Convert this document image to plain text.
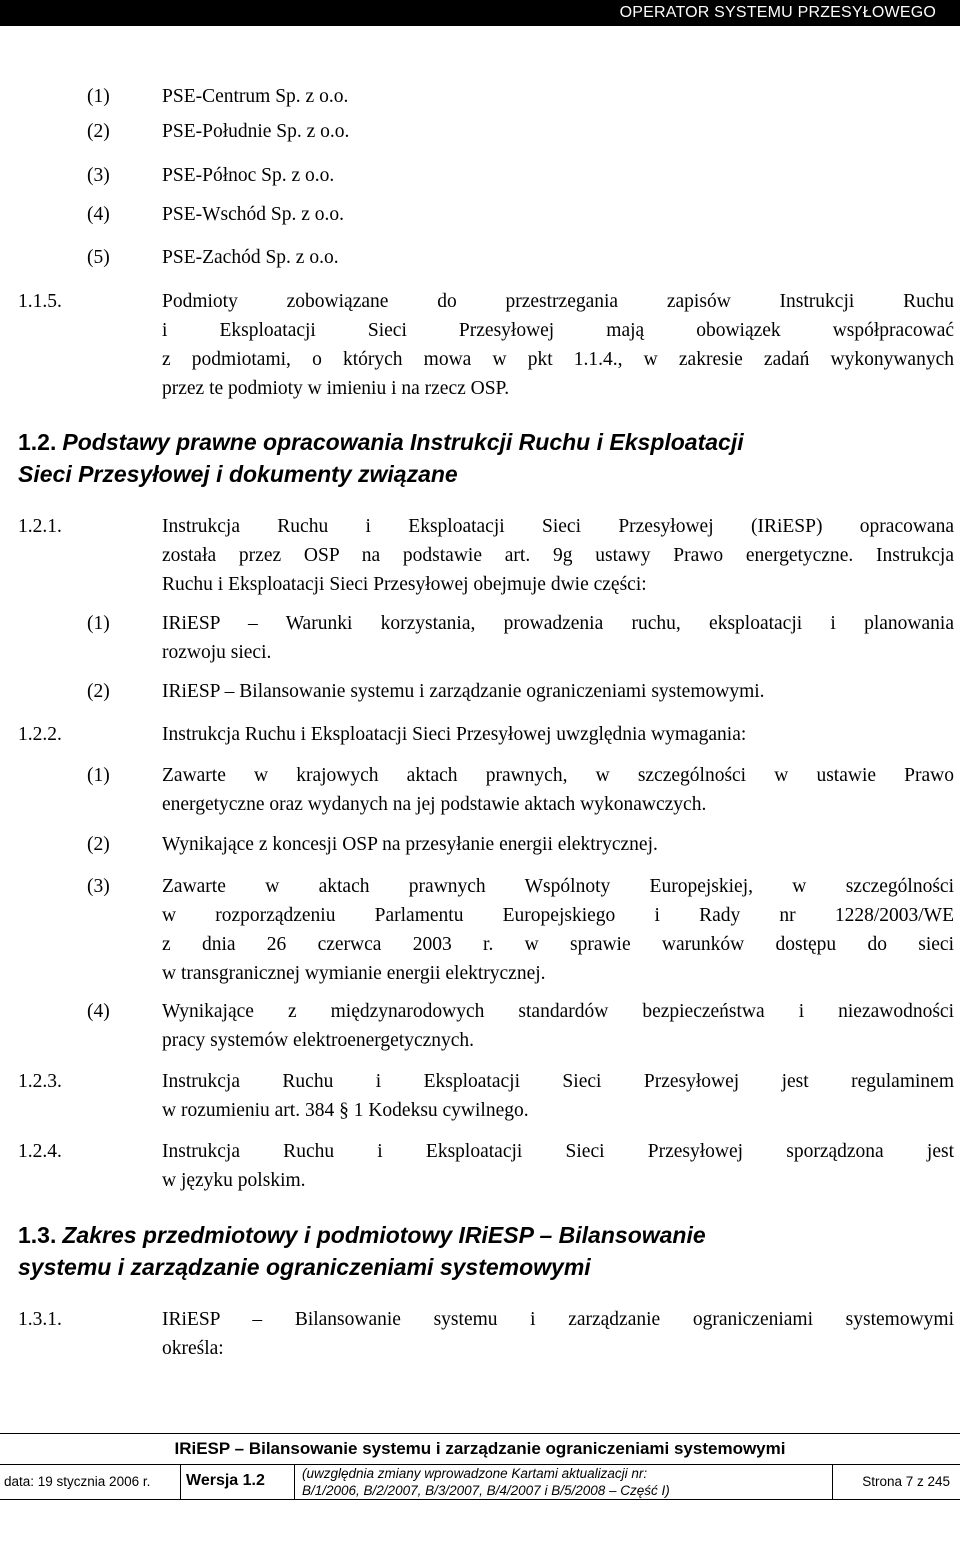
OPERATOR SYSTEMU PRZESYŁOWEGO
(1)	PSE-Centrum Sp. z o.o.
(2)	PSE-Południe Sp. z o.o.
(3)	PSE-Północ Sp. z o.o.
(4)	PSE-Wschód Sp. z o.o.
(5)	PSE-Zachód Sp. z o.o.
1.1.5.	Podmioty zobowiązane do przestrzegania zapisów Instrukcji Ruchu
i Eksploatacji Sieci Przesyłowej mają obowiązek współpracować
z podmiotami, o których mowa w pkt 1.1.4., w zakresie zadań wykonywanych
przez te podmioty w imieniu i na rzecz OSP.
1.2. Podstawy prawne opracowania Instrukcji Ruchu i Eksploatacji
Sieci Przesyłowej i dokumenty związane
1.2.1.	Instrukcja Ruchu i Eksploatacji Sieci Przesyłowej (IRiESP) opracowana
została przez OSP na podstawie art. 9g ustawy Prawo energetyczne. Instrukcja
Ruchu i Eksploatacji Sieci Przesyłowej obejmuje dwie części:
(1)	IRiESP – Warunki korzystania, prowadzenia ruchu, eksploatacji i planowania
rozwoju sieci.
(2)	IRiESP – Bilansowanie systemu i zarządzanie ograniczeniami systemowymi.
1.2.2.	Instrukcja Ruchu i Eksploatacji Sieci Przesyłowej uwzględnia wymagania:
(1)	Zawarte w krajowych aktach prawnych, w szczególności w ustawie Prawo
energetyczne oraz wydanych na jej podstawie aktach wykonawczych.
(2)	Wynikające z koncesji OSP na przesyłanie energii elektrycznej.
(3)	Zawarte w aktach prawnych Wspólnoty Europejskiej, w szczególności
w rozporządzeniu Parlamentu Europejskiego i Rady nr 1228/2003/WE
z dnia 26 czerwca 2003 r. w sprawie warunków dostępu do sieci
w transgranicznej wymianie energii elektrycznej.
(4)	Wynikające z międzynarodowych standardów bezpieczeństwa i niezawodności
pracy systemów elektroenergetycznych.
1.2.3.	Instrukcja Ruchu i Eksploatacji Sieci Przesyłowej jest regulaminem
w rozumieniu art. 384 § 1 Kodeksu cywilnego.
1.2.4.	Instrukcja Ruchu i Eksploatacji Sieci Przesyłowej sporządzona jest
w języku polskim.
1.3. Zakres przedmiotowy i podmiotowy IRiESP – Bilansowanie
systemu i zarządzanie ograniczeniami systemowymi
1.3.1.	IRiESP – Bilansowanie systemu i zarządzanie ograniczeniami systemowymi
określa:
IRiESP – Bilansowanie systemu i zarządzanie ograniczeniami systemowymi
data: 19 stycznia 2006 r.	Wersja 1.2	(uwzględnia zmiany wprowadzone Kartami aktualizacji nr:
B/1/2006, B/2/2007, B/3/2007, B/4/2007 i B/5/2008 – Część I)
Strona 7 z 245
